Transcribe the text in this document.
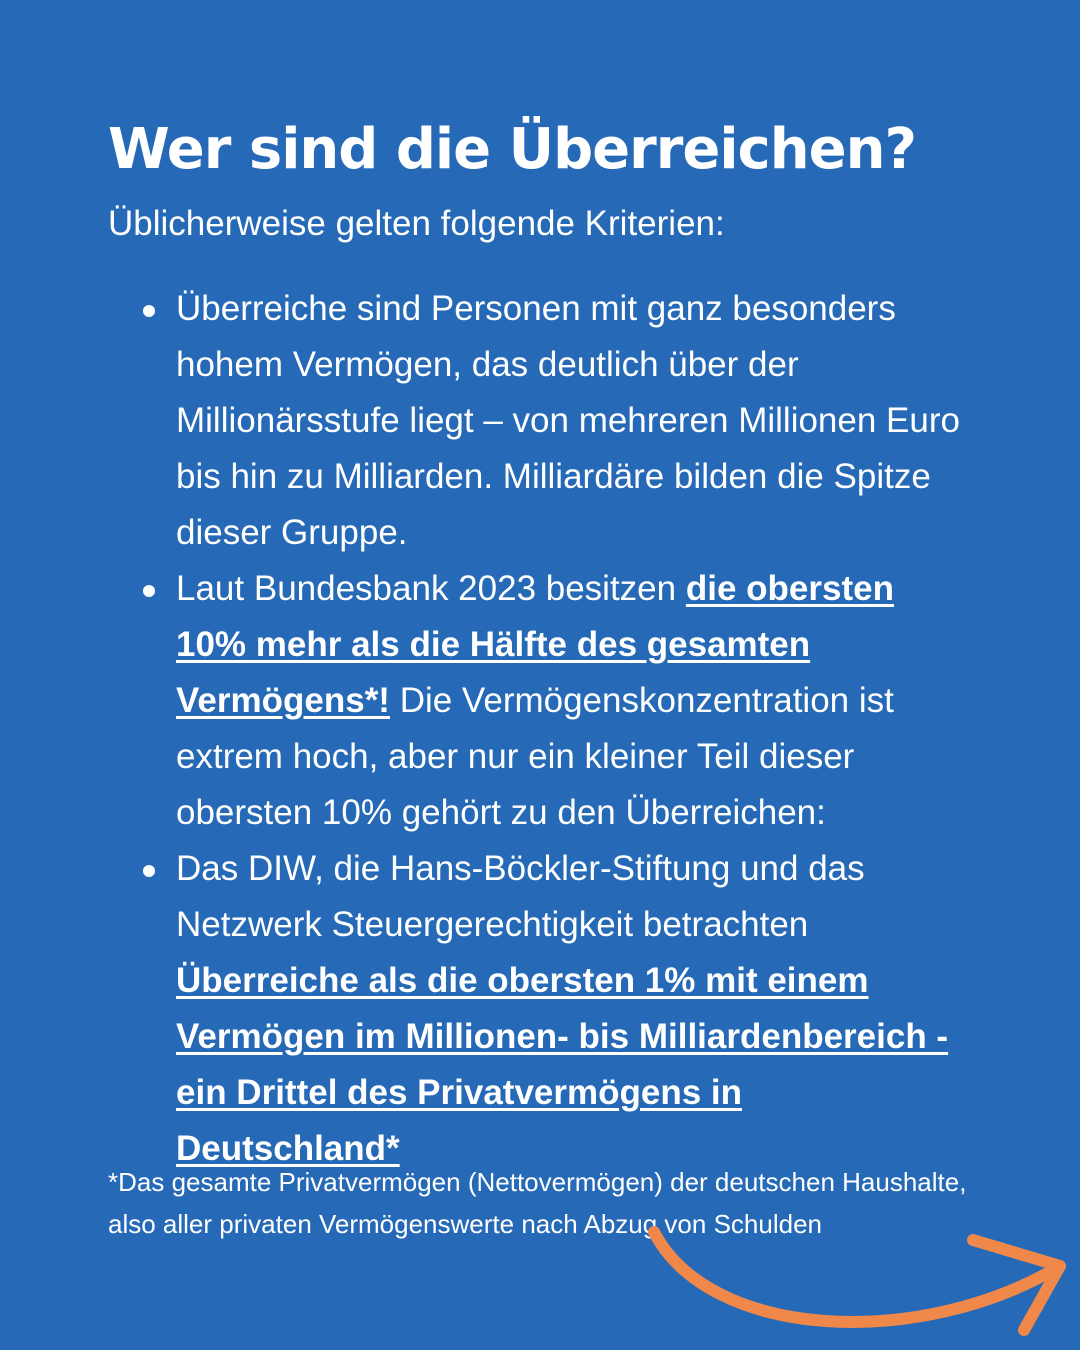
Wer sind die Überreichen?

Üblicherweise gelten folgende Kriterien:

Überreiche sind Personen mit ganz besonders hohem Vermögen, das deutlich über der Millionärsstufe liegt – von mehreren Millionen Euro bis hin zu Milliarden. Milliardäre bilden die Spitze dieser Gruppe.
Laut Bundesbank 2023 besitzen die obersten 10% mehr als die Hälfte des gesamten Vermögens*! Die Vermögenskonzentration ist extrem hoch, aber nur ein kleiner Teil dieser obersten 10% gehört zu den Überreichen:
Das DIW, die Hans-Böckler-Stiftung und das Netzwerk Steuergerechtigkeit betrachten Überreiche als die obersten 1% mit einem Vermögen im Millionen- bis Milliardenbereich - ein Drittel des Privatvermögens in Deutschland*

*Das gesamte Privatvermögen (Nettovermögen) der deutschen Haushalte, also aller privaten Vermögenswerte nach Abzug von Schulden
